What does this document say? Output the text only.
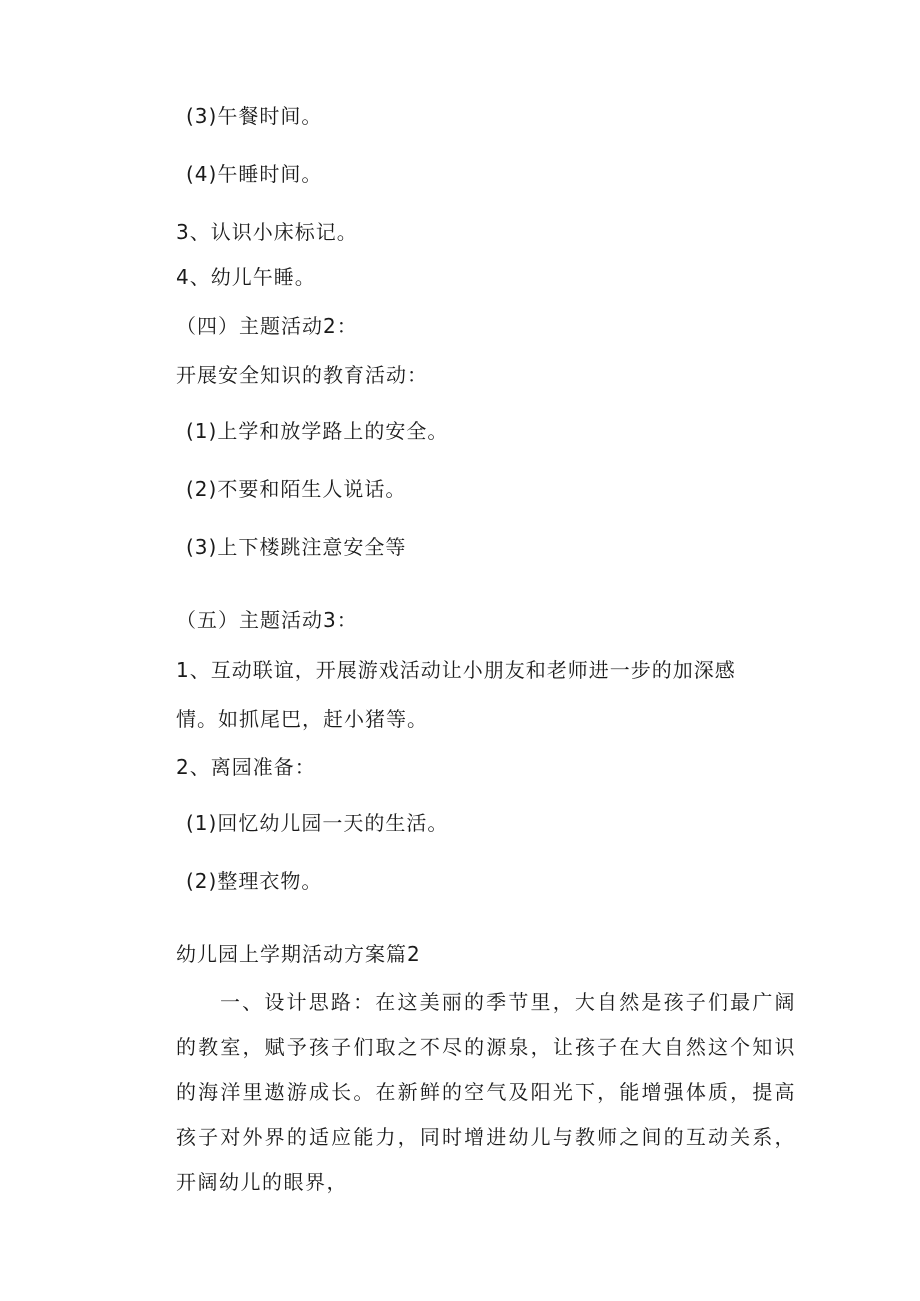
(3)午餐时间。
(4)午睡时间。
3、认识小床标记。
4、幼儿午睡。
（四）主题活动2：
开展安全知识的教育活动：
(1)上学和放学路上的安全。
(2)不要和陌生人说话。
(3)上下楼跳注意安全等
（五）主题活动3：
1、互动联谊，开展游戏活动让小朋友和老师进一步的加深感
情。如抓尾巴，赶小猪等。
2、离园准备：
(1)回忆幼儿园一天的生活。
(2)整理衣物。
幼儿园上学期活动方案篇2
一、设计思路：在这美丽的季节里，大自然是孩子们最广阔的教室，赋予孩子们取之不尽的源泉，让孩子在大自然这个知识的海洋里遨游成长。在新鲜的空气及阳光下，能增强体质，提高孩子对外界的适应能力，同时增进幼儿与教师之间的互动关系，开阔幼儿的眼界，
